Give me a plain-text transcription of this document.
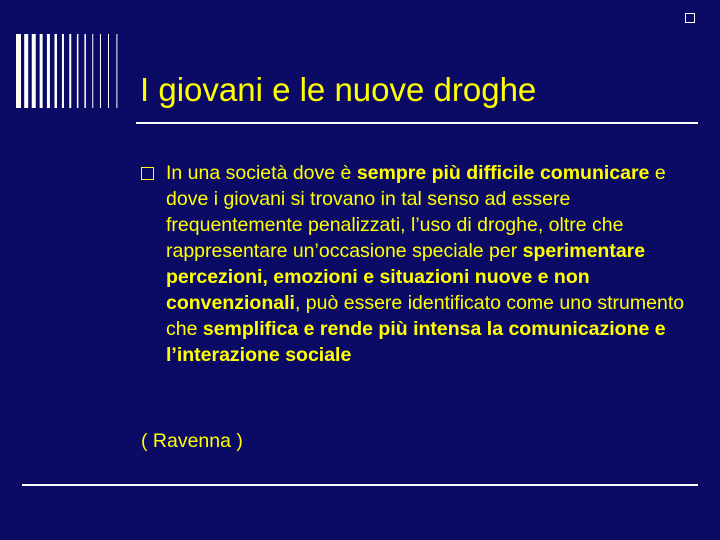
I giovani e le nuove droghe
In una società dove è sempre più difficile comunicare e dove i giovani si trovano in tal senso ad essere frequentemente penalizzati, l’uso di droghe, oltre che rappresentare un’occasione speciale per sperimentare percezioni, emozioni e situazioni nuove e non convenzionali, può essere identificato come uno strumento che semplifica e rende più intensa la comunicazione e l’interazione sociale
( Ravenna )
